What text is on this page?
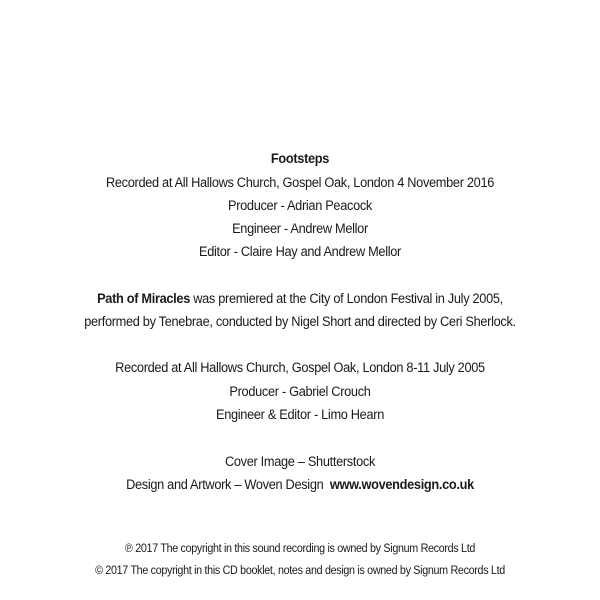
Footsteps
Recorded at All Hallows Church, Gospel Oak, London 4 November 2016
Producer - Adrian Peacock
Engineer - Andrew Mellor
Editor - Claire Hay and Andrew Mellor
Path of Miracles was premiered at the City of London Festival in July 2005,
performed by Tenebrae, conducted by Nigel Short and directed by Ceri Sherlock.
Recorded at All Hallows Church, Gospel Oak, London 8-11 July 2005
Producer - Gabriel Crouch
Engineer & Editor - Limo Hearn
Cover Image – Shutterstock
Design and Artwork – Woven Design www.wovendesign.co.uk
℗ 2017 The copyright in this sound recording is owned by Signum Records Ltd
© 2017 The copyright in this CD booklet, notes and design is owned by Signum Records Ltd
